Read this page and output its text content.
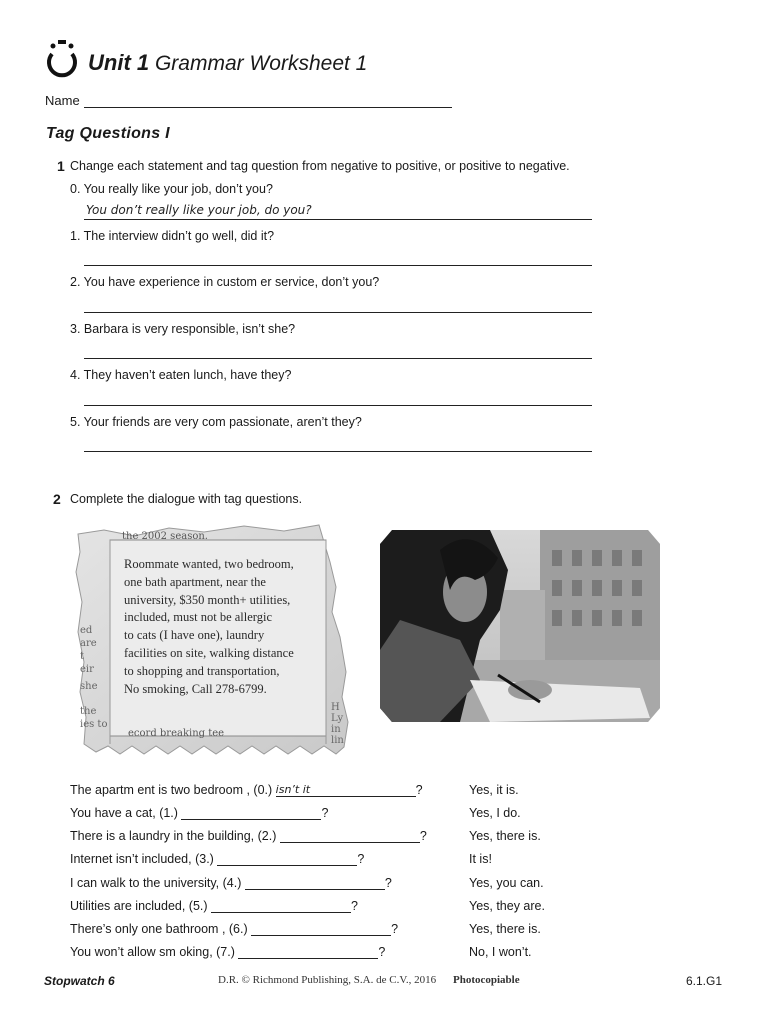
Unit 1 Grammar Worksheet 1
Name
Tag Questions I
1 Change each statement and tag question from negative to positive, or positive to negative.
0. You really like your job, don’t you?
You don’t really like your job, do you?
1. The interview didn’t go well, did it?
2. You have experience in custom er service, don’t you?
3. Barbara is very responsible, isn’t she?
4. They haven’t eaten lunch, have they?
5. Your friends are very com passionate, aren’t they?
2 Complete the dialogue with tag questions.
the 2002 season.
Roommate wanted, two bedroom,
one bath apartment, near the
university, $350 month+ utilities,
included, must not be allergic
to cats (I have one), laundry
facilities on site, walking distance
to shopping and transportation,
No smoking, Call 278-6799.
ecord breaking tee
ed
are
t
eir
she
the
ies to
H
Ly
in
lin
The apartm ent is two bedroom , (0.) isn’t it	?	Yes, it is.
You have a cat, (1.)	?	Yes, I do.
There is a laundry in the building, (2.)	?	Yes, there is.
Internet isn’t included, (3.)	?	It is!
I can walk to the university, (4.)	?	Yes, you can.
Utilities are included, (5.)	?	Yes, they are.
There’s only one bathroom , (6.)	?	Yes, there is.
You won’t allow sm oking, (7.)	?	No, I won’t.
Stopwatch 6	D.R. © Richmond Publishing, S.A. de C.V., 2016 Photocopiable	6.1.G1
